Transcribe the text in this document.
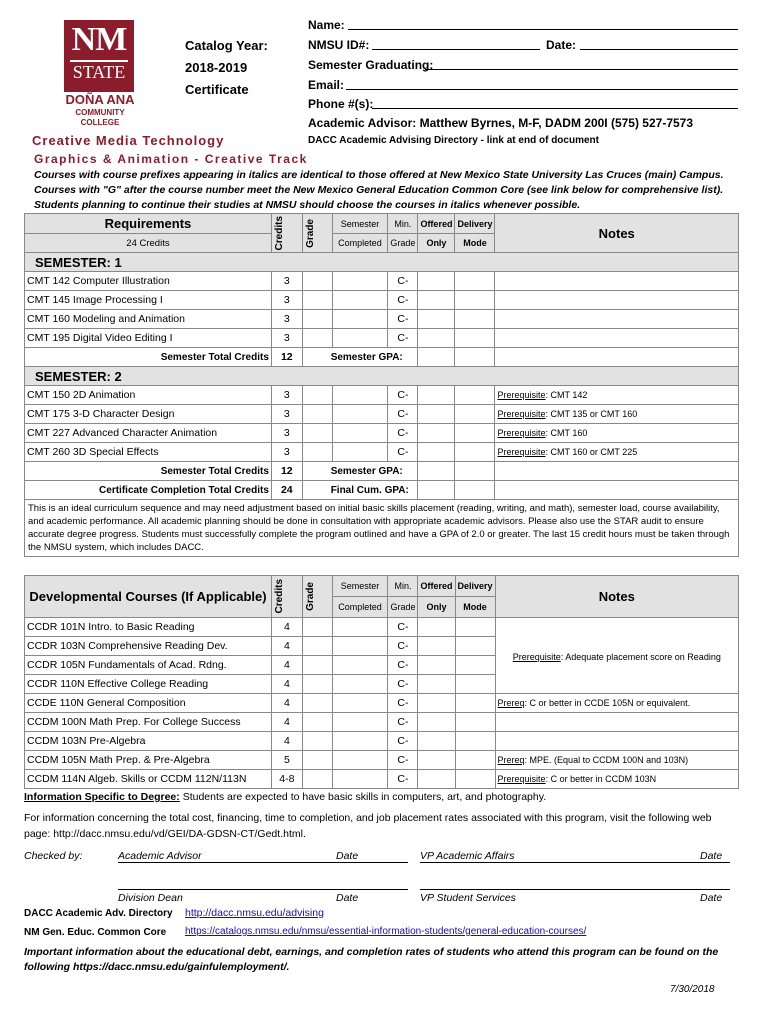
NM
STATE
DOÑA ANA
COMMUNITY
COLLEGE
Creative Media Technology
Graphics & Animation - Creative Track
Catalog Year:
2018-2019
Certificate
Name:
NMSU ID#:	Date:
Semester Graduating:
Email:
Phone #(s):
Academic Advisor: Matthew Byrnes, M-F, DADM 200I (575) 527-7573
DACC Academic Advising Directory - link at end of document
Courses with course prefixes appearing in italics are identical to those offered at New Mexico State University Las Cruces (main) Campus. Courses with "G" after the course number meet the New Mexico General Education Common Core (see link below for comprehensive list). Students planning to continue their studies at NMSU should choose the courses in italics whenever possible.
Requirements	Credits	Grade	Semester	Min.	Offered	Delivery	Notes
24 Credits			Completed	Grade	Only	Mode	
SEMESTER: 1							
CMT 142 Computer Illustration	3			C-			
CMT 145 Image Processing I	3			C-			
CMT 160 Modeling and Animation	3			C-			
CMT 195 Digital Video Editing I	3			C-			
Semester Total Credits	12	Semester GPA:					
SEMESTER: 2							
CMT 150 2D Animation	3			C-			Prerequisite: CMT 142
CMT 175 3-D Character Design	3			C-			Prerequisite: CMT 135 or CMT 160
CMT 227 Advanced Character Animation	3			C-			Prerequisite: CMT 160
CMT 260 3D Special Effects	3			C-			Prerequisite: CMT 160 or CMT 225
Semester Total Credits	12	Semester GPA:					
Certificate Completion Total Credits	24	Final Cum. GPA:					
This is an ideal curriculum sequence and may need adjustment based on initial basic skills placement (reading, writing, and math), semester load, course availability, and academic performance. All academic planning should be done in consultation with appropriate academic advisors. Please also use the STAR audit to ensure accurate degree progress. Students must successfully complete the program outlined and have a GPA of 2.0 or greater. The last 15 credit hours must be taken through the NMSU system, which includes DACC.							
Developmental Courses (If Applicable)	Credits	Grade	Semester	Min.	Offered	Delivery	Notes
			Completed	Grade	Only	Mode	
CCDR 101N Intro. to Basic Reading	4			C-			Prerequisite: Adequate placement score on Reading
CCDR 103N Comprehensive Reading Dev.	4			C-			
CCDR 105N Fundamentals of Acad. Rdng.	4			C-			
CCDR 110N Effective College Reading	4			C-			
CCDE 110N General Composition	4			C-			Prereq: C or better in CCDE 105N or equivalent.
CCDM 100N Math Prep. For College Success	4			C-			
CCDM 103N Pre-Algebra	4			C-			
CCDM 105N Math Prep. & Pre-Algebra	5			C-			Prereq: MPE. (Equal to CCDM 100N and 103N)
CCDM 114N Algeb. Skills or CCDM 112N/113N	4-8			C-			Prerequisite: C or better in CCDM 103N
Information Specific to Degree: Students are expected to have basic skills in computers, art, and photography.
For information concerning the total cost, financing, time to completion, and job placement rates associated with this program, visit the following web page: http://dacc.nmsu.edu/vd/GEI/DA-GDSN-CT/Gedt.html.
Checked by:	Academic Advisor	Date	VP Academic Affairs	Date
Division Dean	Date	VP Student Services	Date
DACC Academic Adv. Directory http://dacc.nmsu.edu/advising
NM Gen. Educ. Common Core https://catalogs.nmsu.edu/nmsu/essential-information-students/general-education-courses/
Important information about the educational debt, earnings, and completion rates of students who attend this program can be found on the following https://dacc.nmsu.edu/gainfulemployment/.
7/30/2018
